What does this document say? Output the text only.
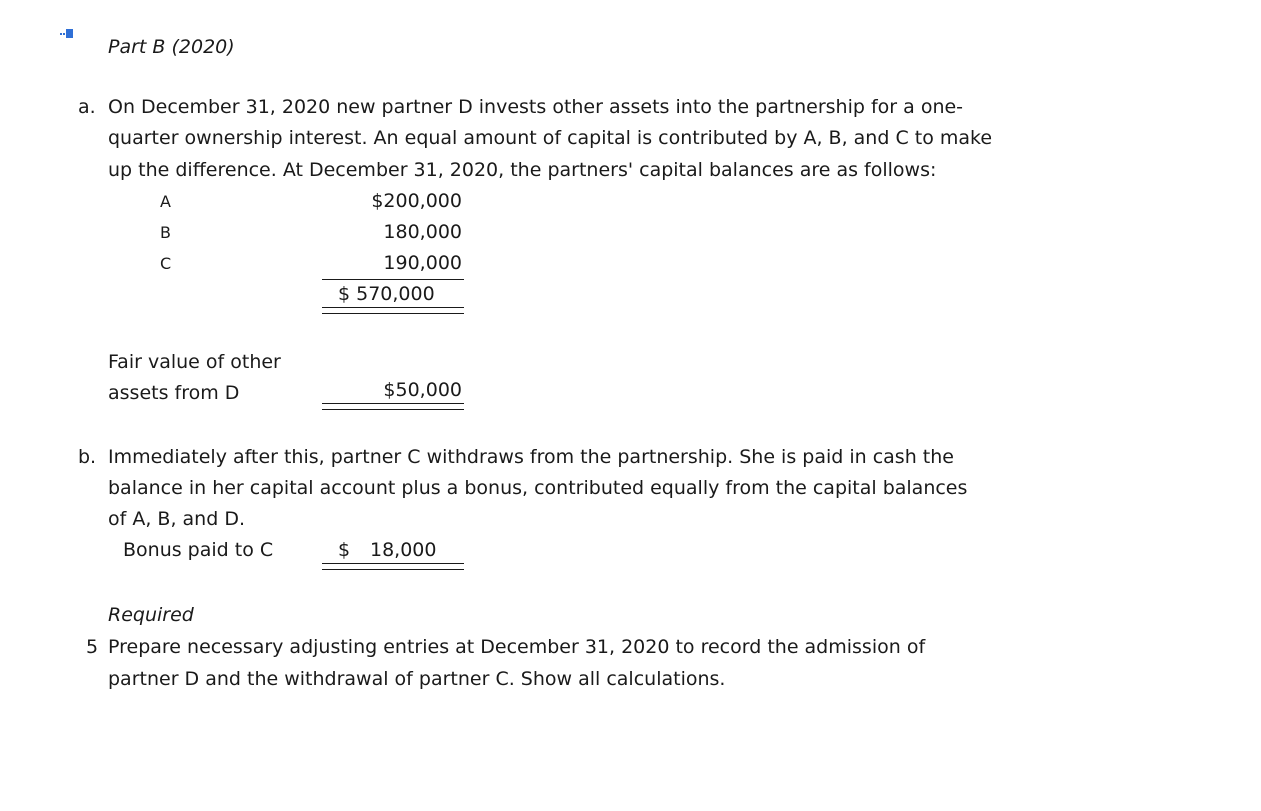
Part B (2020)
a. On December 31, 2020 new partner D invests other assets into the partnership for a one-
quarter ownership interest. An equal amount of capital is contributed by A, B, and C to make
up the difference. At December 31, 2020, the partners' capital balances are as follows:
A	$200,000
B	180,000
C	190,000
$ 570,000
Fair value of other
assets from D	$50,000
b. Immediately after this, partner C withdraws from the partnership. She is paid in cash the
balance in her capital account plus a bonus, contributed equally from the capital balances
of A, B, and D.
Bonus paid to C	$ 18,000
Required
5 Prepare necessary adjusting entries at December 31, 2020 to record the admission of
partner D and the withdrawal of partner C. Show all calculations.
